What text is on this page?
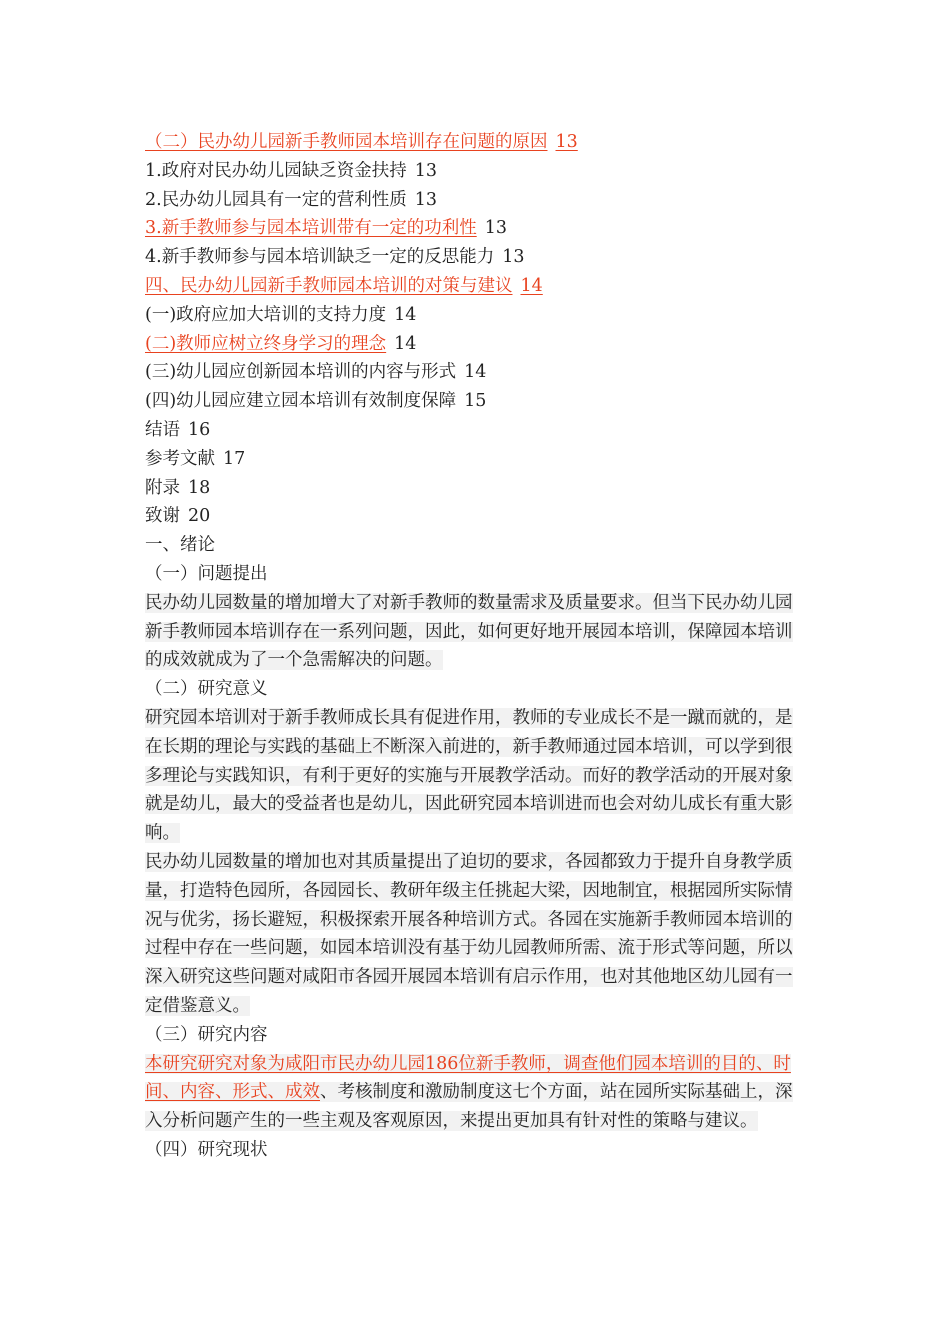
（二）民办幼儿园新手教师园本培训存在问题的原因 13
1.政府对民办幼儿园缺乏资金扶持 13
2.民办幼儿园具有一定的营利性质 13
3.新手教师参与园本培训带有一定的功利性 13
4.新手教师参与园本培训缺乏一定的反思能力 13
四、民办幼儿园新手教师园本培训的对策与建议 14
(一)政府应加大培训的支持力度 14
(二)教师应树立终身学习的理念 14
(三)幼儿园应创新园本培训的内容与形式 14
(四)幼儿园应建立园本培训有效制度保障 15
结语 16
参考文献 17
附录 18
致谢 20
一、绪论
（一）问题提出
民办幼儿园数量的增加增大了对新手教师的数量需求及质量要求。但当下民办幼儿园新手教师园本培训存在一系列问题，因此，如何更好地开展园本培训，保障园本培训的成效就成为了一个急需解决的问题。
（二）研究意义
研究园本培训对于新手教师成长具有促进作用，教师的专业成长不是一蹴而就的，是在长期的理论与实践的基础上不断深入前进的，新手教师通过园本培训，可以学到很多理论与实践知识，有利于更好的实施与开展教学活动。而好的教学活动的开展对象就是幼儿，最大的受益者也是幼儿，因此研究园本培训进而也会对幼儿成长有重大影响。
民办幼儿园数量的增加也对其质量提出了迫切的要求，各园都致力于提升自身教学质量，打造特色园所，各园园长、教研年级主任挑起大梁，因地制宜，根据园所实际情况与优劣，扬长避短，积极探索开展各种培训方式。各园在实施新手教师园本培训的过程中存在一些问题，如园本培训没有基于幼儿园教师所需、流于形式等问题，所以深入研究这些问题对咸阳市各园开展园本培训有启示作用，也对其他地区幼儿园有一定借鉴意义。
（三）研究内容
本研究研究对象为咸阳市民办幼儿园186位新手教师，调查他们园本培训的目的、时间、内容、形式、成效、考核制度和激励制度这七个方面，站在园所实际基础上，深入分析问题产生的一些主观及客观原因，来提出更加具有针对性的策略与建议。
（四）研究现状
